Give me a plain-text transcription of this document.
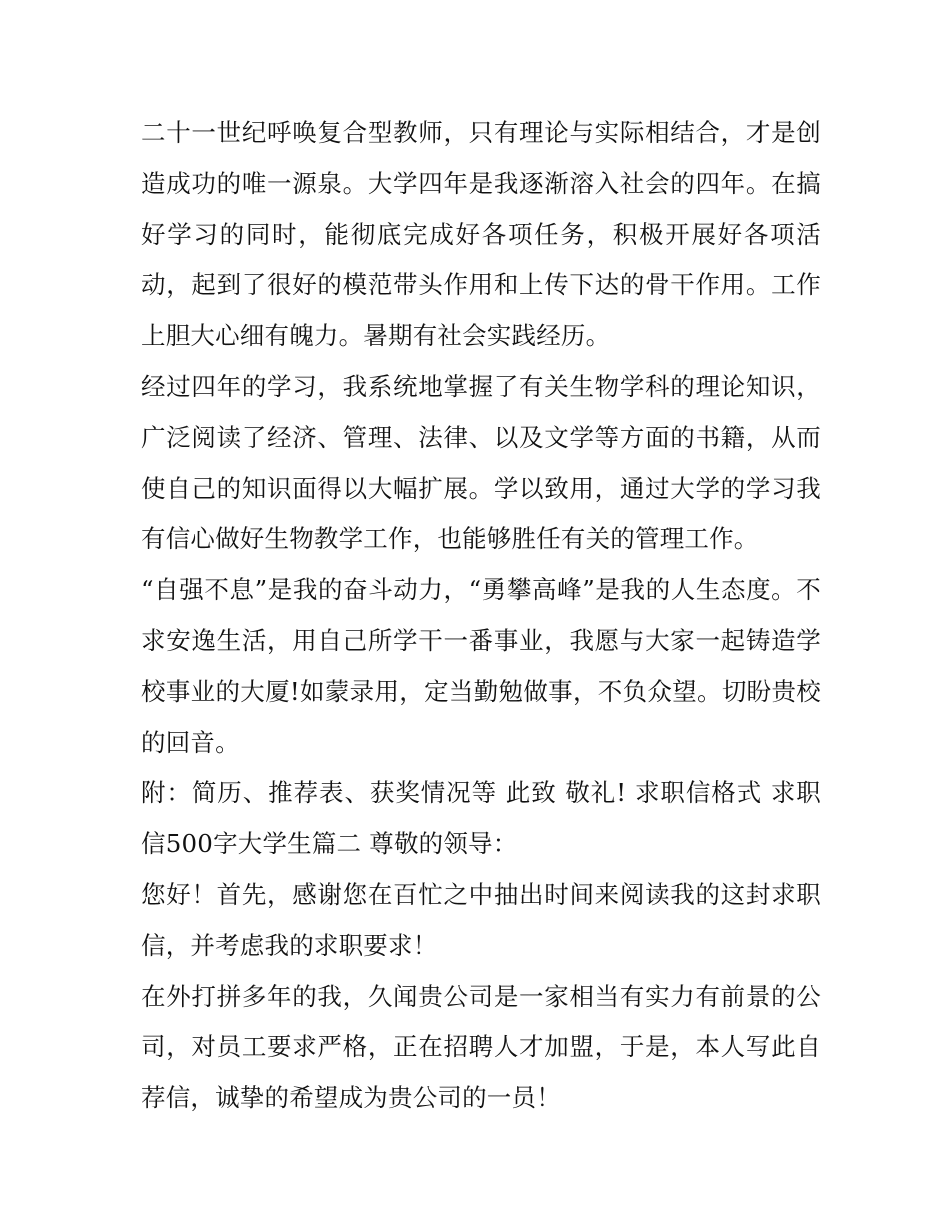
二十一世纪呼唤复合型教师，只有理论与实际相结合，才是创造成功的唯一源泉。大学四年是我逐渐溶入社会的四年。在搞好学习的同时，能彻底完成好各项任务，积极开展好各项活动，起到了很好的模范带头作用和上传下达的骨干作用。工作上胆大心细有魄力。暑期有社会实践经历。

经过四年的学习，我系统地掌握了有关生物学科的理论知识，广泛阅读了经济、管理、法律、以及文学等方面的书籍，从而使自己的知识面得以大幅扩展。学以致用，通过大学的学习我有信心做好生物教学工作，也能够胜任有关的管理工作。

“自强不息”是我的奋斗动力，“勇攀高峰”是我的人生态度。不求安逸生活，用自己所学干一番事业，我愿与大家一起铸造学校事业的大厦!如蒙录用，定当勤勉做事，不负众望。切盼贵校的回音。

附：简历、推荐表、获奖情况等 此致 敬礼! 求职信格式 求职信500字大学生篇二 尊敬的领导：

您好！首先，感谢您在百忙之中抽出时间来阅读我的这封求职信，并考虑我的求职要求！

在外打拼多年的我，久闻贵公司是一家相当有实力有前景的公司，对员工要求严格，正在招聘人才加盟，于是，本人写此自荐信，诚挚的希望成为贵公司的一员！
